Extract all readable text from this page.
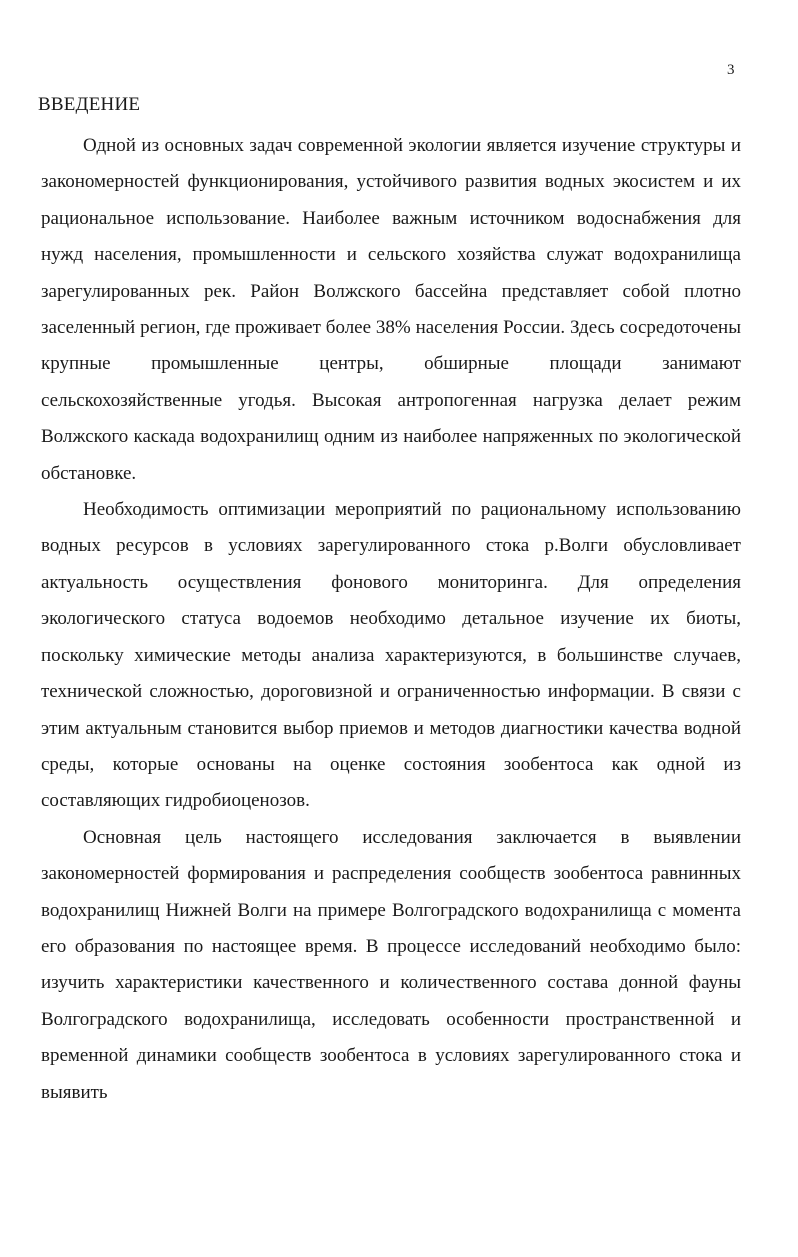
3
ВВЕДЕНИЕ

Одной из основных задач современной экологии является изучение структуры и закономерностей функционирования, устойчивого развития водных экосистем и их рациональное использование. Наиболее важным источником водоснабжения для нужд населения, промышленности и сельского хозяйства служат водохранилища зарегулированных рек. Район Волжского бассейна представляет собой плотно заселенный регион, где проживает более 38% населения России. Здесь сосредоточены крупные промышленные центры, обширные площади занимают сельскохозяйственные угодья. Высокая антропогенная нагрузка делает режим Волжского каскада водохранилищ одним из наиболее напряженных по экологической обстановке.

Необходимость оптимизации мероприятий по рациональному использованию водных ресурсов в условиях зарегулированного стока р.Волги обусловливает актуальность осуществления фонового мониторинга. Для определения экологического статуса водоемов необходимо детальное изучение их биоты, поскольку химические методы анализа характеризуются, в большинстве случаев, технической сложностью, дороговизной и ограниченностью информации. В связи с этим актуальным становится выбор приемов и методов диагностики качества водной среды, которые основаны на оценке состояния зообентоса как одной из составляющих гидробиоценозов.

Основная цель настоящего исследования заключается в выявлении закономерностей формирования и распределения сообществ зообентоса равнинных водохранилищ Нижней Волги на примере Волгоградского водохранилища с момента его образования по настоящее время. В процессе исследований необходимо было: изучить характеристики качественного и количественного состава донной фауны Волгоградского водохранилища, исследовать особенности пространственной и временной динамики сообществ зообентоса в условиях зарегулированного стока и выявить
